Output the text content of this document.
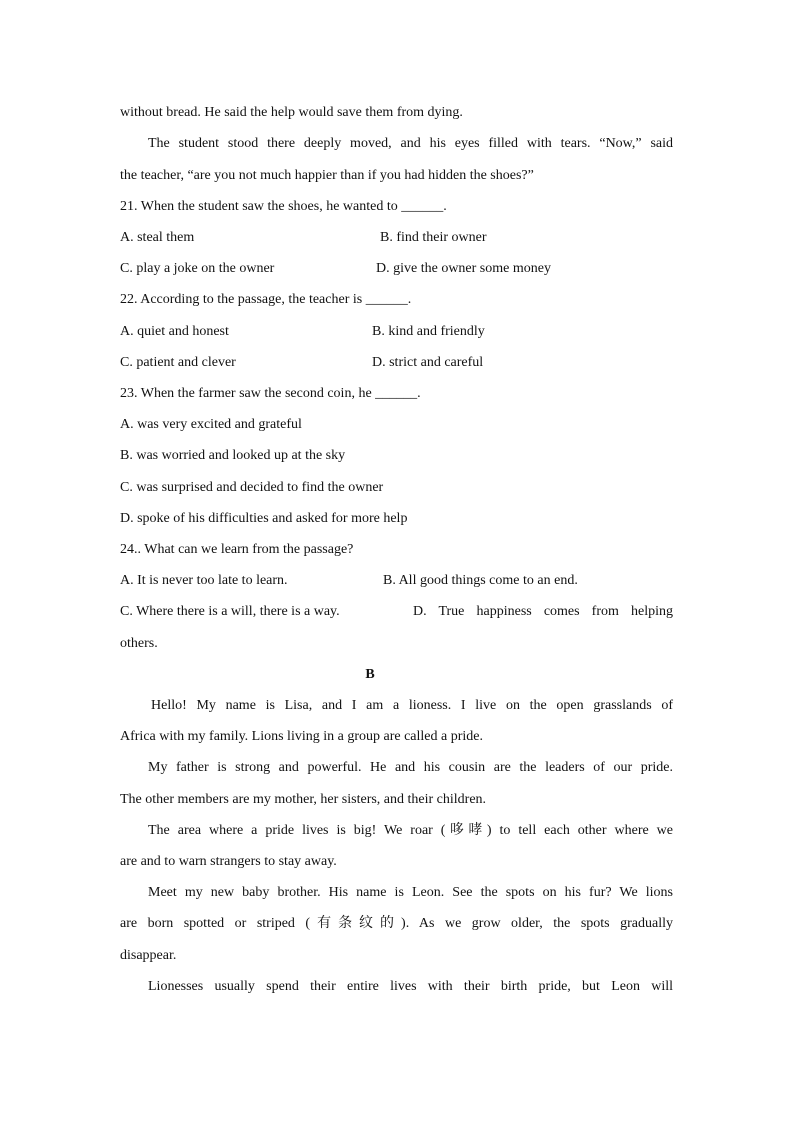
without bread. He said the help would save them from dying.
The student stood there deeply moved, and his eyes filled with tears. “Now,” said
the teacher, “are you not much happier than if you had hidden the shoes?”
21. When the student saw the shoes, he wanted to ______.
A. steal them	B. find their owner
C. play a joke on the owner	D. give the owner some money
22. According to the passage, the teacher is ______.
A. quiet and honest	B. kind and friendly
C. patient and clever	D. strict and careful
23. When the farmer saw the second coin, he ______.
A. was very excited and grateful
B. was worried and looked up at the sky
C. was surprised and decided to find the owner
D. spoke of his difficulties and asked for more help
24.. What can we learn from the passage?
A. It is never too late to learn.	B. All good things come to an end.
C. Where there is a will, there is a way.	D. True happiness comes from helping
others.
B
Hello! My name is Lisa, and I am a lioness. I live on the open grasslands of
Africa with my family. Lions living in a group are called a pride.
My father is strong and powerful. He and his cousin are the leaders of our pride.
The other members are my mother, her sisters, and their children.
The area where a pride lives is big! We roar (哆哮) to tell each other where we
are and to warn strangers to stay away.
Meet my new baby brother. His name is Leon. See the spots on his fur? We lions
are born spotted or striped (有条纹的). As we grow older, the spots gradually
disappear.
Lionesses usually spend their entire lives with their birth pride, but Leon will
